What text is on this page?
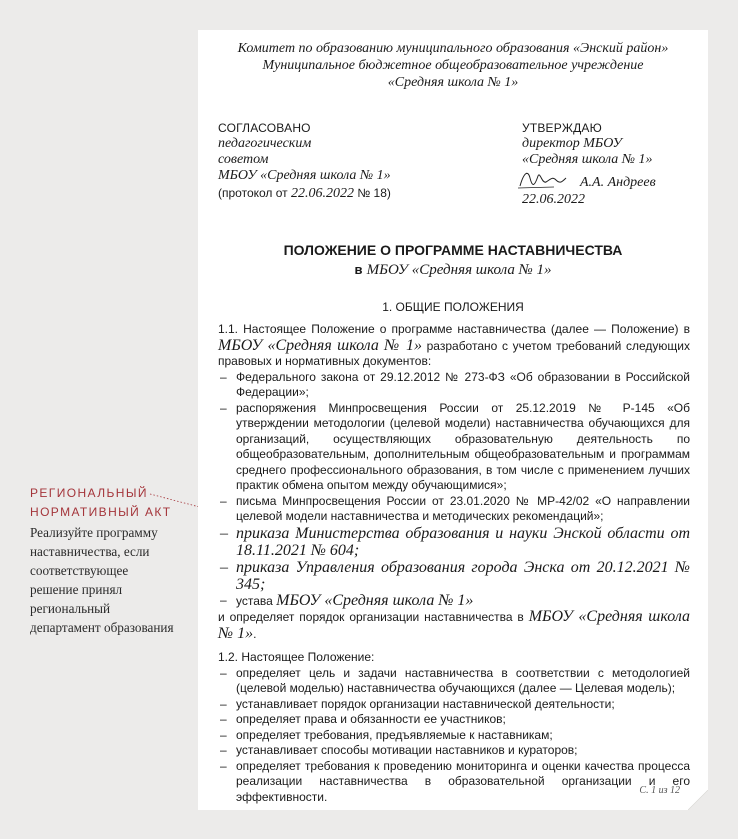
Комитет по образованию муниципального образования «Энский район»
Муниципальное бюджетное общеобразовательное учреждение
«Средняя школа № 1»
СОГЛАСОВАНО
педагогическим
советом
МБОУ «Средняя школа № 1»
(протокол от 22.06.2022 № 18)
УТВЕРЖДАЮ
директор МБОУ
«Средняя школа № 1»
А.А. Андреев
22.06.2022
ПОЛОЖЕНИЕ О ПРОГРАММЕ НАСТАВНИЧЕСТВА
в МБОУ «Средняя школа № 1»
1. ОБЩИЕ ПОЛОЖЕНИЯ

1.1. Настоящее Положение о программе наставничества (далее — Положение) в МБОУ «Средняя школа № 1» разработано с учетом требований следующих правовых и нормативных документов:

– Федерального закона от 29.12.2012 № 273-ФЗ «Об образовании в Российской Федерации»;
– распоряжения Минпросвещения России от 25.12.2019 № Р-145 «Об утверждении методологии (целевой модели) наставничества обучающихся для организаций, осуществляющих образовательную деятельность по общеобразовательным, дополнительным общеобразовательным и программам среднего профессионального образования, в том числе с применением лучших практик обмена опытом между обучающимися»;
– письма Минпросвещения России от 23.01.2020 № МР-42/02 «О направлении целевой модели наставничества и методических рекомендаций»;
– приказа Министерства образования и науки Энской области от 18.11.2021 № 604;
– приказа Управления образования города Энска от 20.12.2021 № 345;
– устава МБОУ «Средняя школа № 1»

и определяет порядок организации наставничества в МБОУ «Средняя школа № 1».

1.2. Настоящее Положение:

– определяет цель и задачи наставничества в соответствии с методологией (целевой моделью) наставничества обучающихся (далее — Целевая модель);
– устанавливает порядок организации наставнической деятельности;
– определяет права и обязанности ее участников;
– определяет требования, предъявляемые к наставникам;
– устанавливает способы мотивации наставников и кураторов;
– определяет требования к проведению мониторинга и оценки качества процесса реализации наставничества в образовательной организации и его эффективности.	С. 1 из 12
РЕГИОНАЛЬНЫЙ
НОРМАТИВНЫЙ АКТ
Реализуйте программу наставничества, если соответствующее решение принял региональный департамент образования
